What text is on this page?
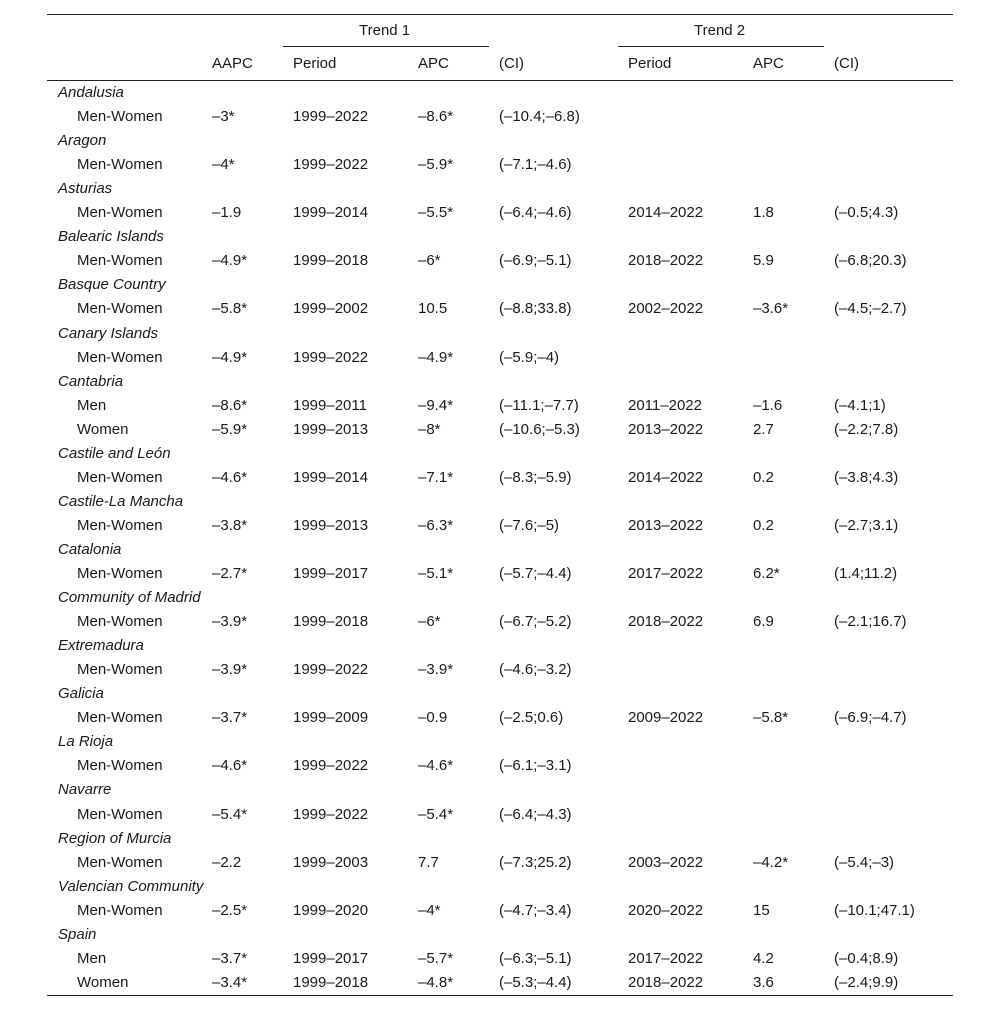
Trend 1	Trend 2
AAPC	Period	APC	(CI)	Period	APC	(CI)
Andalusia
Men-Women	–3*	1999–2022	–8.6*	(–10.4;–6.8)
Aragon
Men-Women	–4*	1999–2022	–5.9*	(–7.1;–4.6)
Asturias
Men-Women	–1.9	1999–2014	–5.5*	(–6.4;–4.6)	2014–2022	1.8	(–0.5;4.3)
Balearic Islands
Men-Women	–4.9*	1999–2018	–6*	(–6.9;–5.1)	2018–2022	5.9	(–6.8;20.3)
Basque Country
Men-Women	–5.8*	1999–2002	10.5	(–8.8;33.8)	2002–2022	–3.6*	(–4.5;–2.7)
Canary Islands
Men-Women	–4.9*	1999–2022	–4.9*	(–5.9;–4)
Cantabria
Men	–8.6*	1999–2011	–9.4*	(–11.1;–7.7)	2011–2022	–1.6	(–4.1;1)
Women	–5.9*	1999–2013	–8*	(–10.6;–5.3)	2013–2022	2.7	(–2.2;7.8)
Castile and León
Men-Women	–4.6*	1999–2014	–7.1*	(–8.3;–5.9)	2014–2022	0.2	(–3.8;4.3)
Castile-La Mancha
Men-Women	–3.8*	1999–2013	–6.3*	(–7.6;–5)	2013–2022	0.2	(–2.7;3.1)
Catalonia
Men-Women	–2.7*	1999–2017	–5.1*	(–5.7;–4.4)	2017–2022	6.2*	(1.4;11.2)
Community of Madrid
Men-Women	–3.9*	1999–2018	–6*	(–6.7;–5.2)	2018–2022	6.9	(–2.1;16.7)
Extremadura
Men-Women	–3.9*	1999–2022	–3.9*	(–4.6;–3.2)
Galicia
Men-Women	–3.7*	1999–2009	–0.9	(–2.5;0.6)	2009–2022	–5.8*	(–6.9;–4.7)
La Rioja
Men-Women	–4.6*	1999–2022	–4.6*	(–6.1;–3.1)
Navarre
Men-Women	–5.4*	1999–2022	–5.4*	(–6.4;–4.3)
Region of Murcia
Men-Women	–2.2	1999–2003	7.7	(–7.3;25.2)	2003–2022	–4.2*	(–5.4;–3)
Valencian Community
Men-Women	–2.5*	1999–2020	–4*	(–4.7;–3.4)	2020–2022	15	(–10.1;47.1)
Spain
Men	–3.7*	1999–2017	–5.7*	(–6.3;–5.1)	2017–2022	4.2	(–0.4;8.9)
Women	–3.4*	1999–2018	–4.8*	(–5.3;–4.4)	2018–2022	3.6	(–2.4;9.9)
